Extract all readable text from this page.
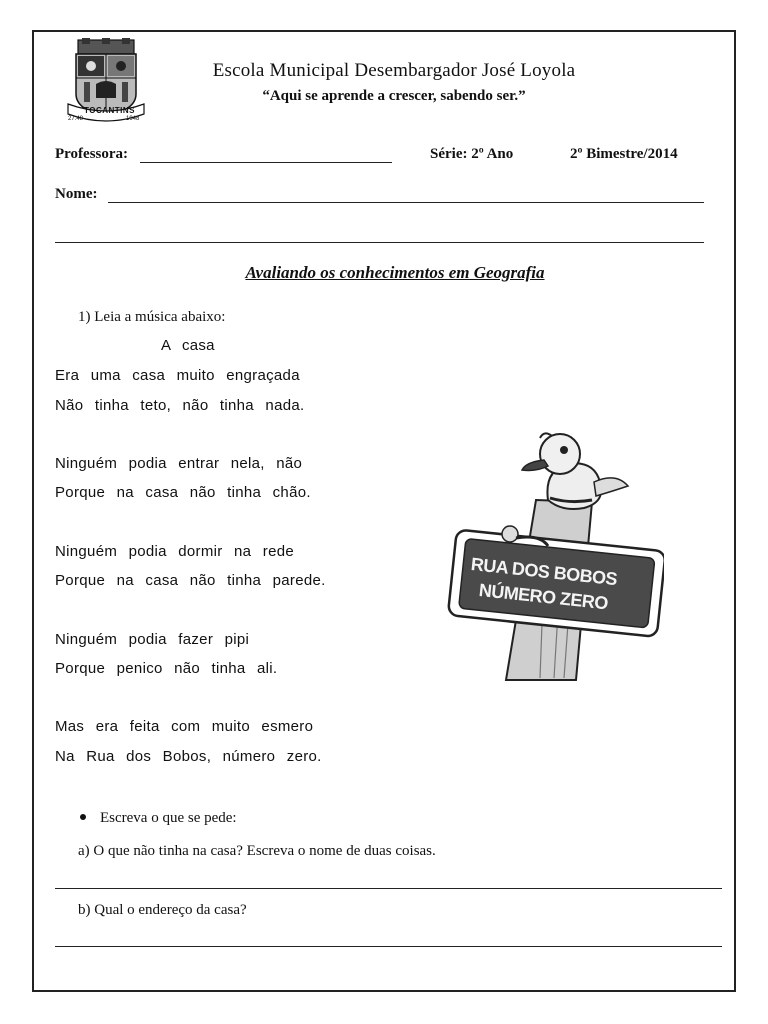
TOCANTINS
27.48	1948
Escola Municipal Desembargador José Loyola
“Aqui se aprende a crescer, sabendo ser.”
Professora:	Série: 2º Ano	2º Bimestre/2014
Nome:
Avaliando os conhecimentos em Geografia
1) Leia a música abaixo:
A casa
Era uma casa muito engraçada
Não tinha teto, não tinha nada.
Ninguém podia entrar nela, não
Porque na casa não tinha chão.
Ninguém podia dormir na rede
Porque na casa não tinha parede.
Ninguém podia fazer pipi
Porque penico não tinha ali.
Mas era feita com muito esmero
Na Rua dos Bobos, número zero.
RUA DOS BOBOS
NÚMERO ZERO
Escreva o que se pede:
a) O que não tinha na casa? Escreva o nome de duas coisas.
b) Qual o endereço da casa?
